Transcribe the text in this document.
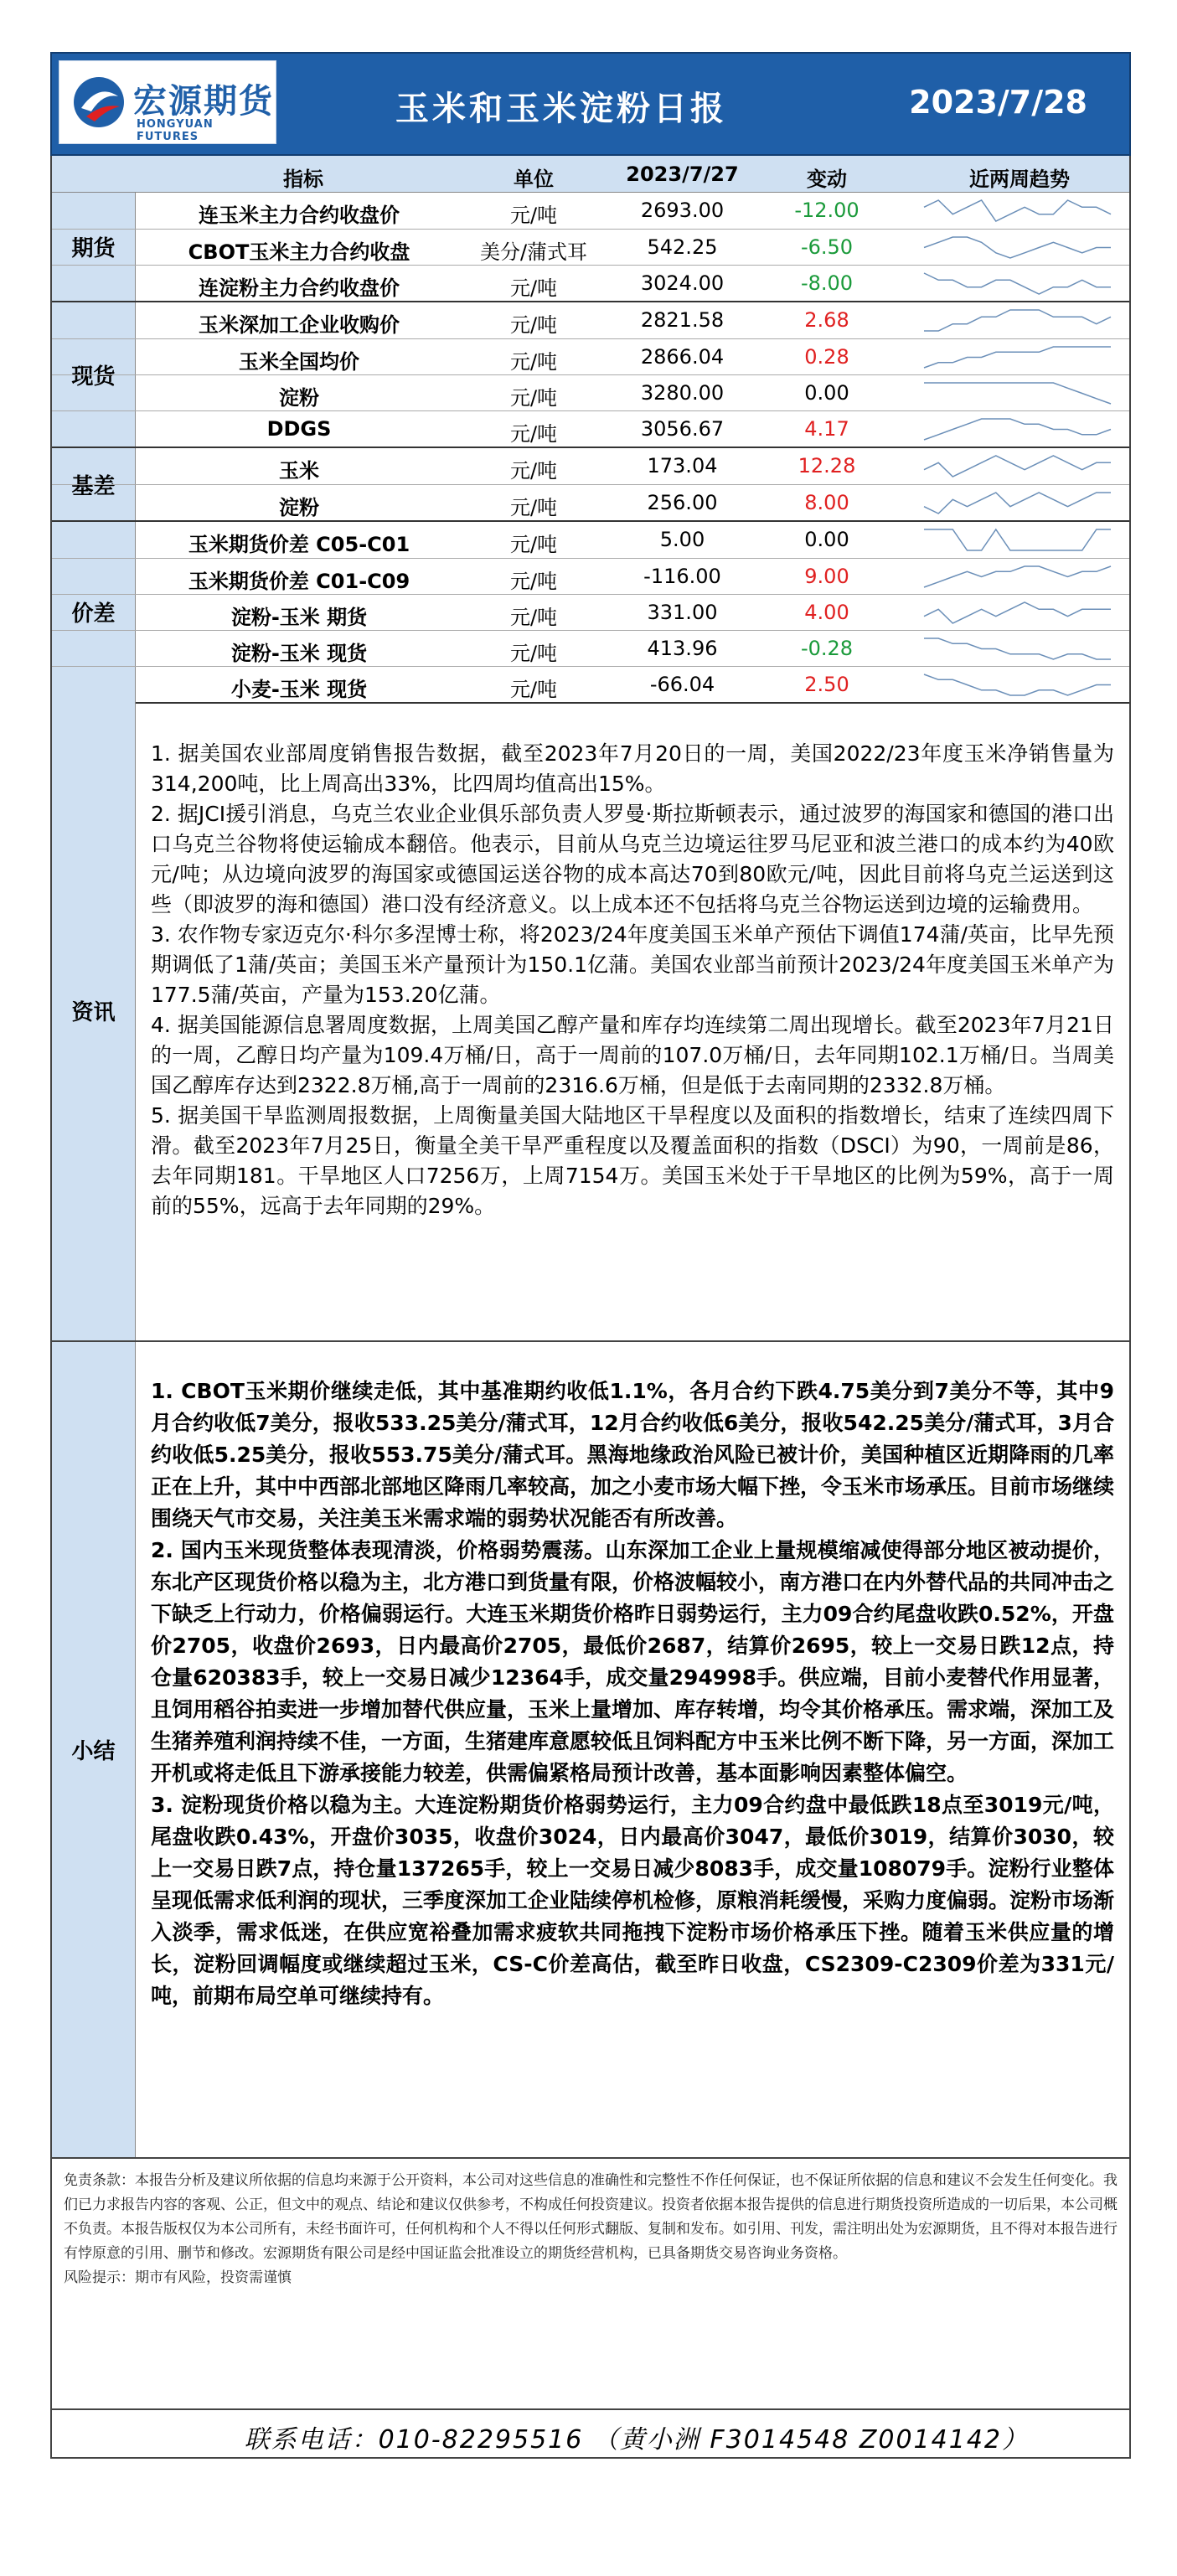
宏源期货
HONGYUAN FUTURES
玉米和玉米淀粉日报	2023/7/28
指标	单位	2023/7/27	变动	近两周趋势
期货
连玉米主力合约收盘价	元/吨	2693.00	-12.00
CBOT玉米主力合约收盘	美分/蒲式耳	542.25	-6.50
连淀粉主力合约收盘价	元/吨	3024.00	-8.00
现货
玉米深加工企业收购价	元/吨	2821.58	2.68
玉米全国均价	元/吨	2866.04	0.28
淀粉	元/吨	3280.00	0.00
DDGS	元/吨	3056.67	4.17
基差
玉米	元/吨	173.04	12.28
淀粉	元/吨	256.00	8.00
价差
玉米期货价差 C05-C01	元/吨	5.00	0.00
玉米期货价差 C01-C09	元/吨	-116.00	9.00
淀粉-玉米 期货	元/吨	331.00	4.00
淀粉-玉米 现货	元/吨	413.96	-0.28
小麦-玉米 现货	元/吨	-66.04	2.50
资讯

1. 据美国农业部周度销售报告数据，截至2023年7月20日的一周，美国2022/23年度玉米净销售量为314,200吨，比上周高出33%，比四周均值高出15%。

2. 据JCI援引消息，乌克兰农业企业俱乐部负责人罗曼·斯拉斯顿表示，通过波罗的海国家和德国的港口出口乌克兰谷物将使运输成本翻倍。他表示，目前从乌克兰边境运往罗马尼亚和波兰港口的成本约为40欧元/吨；从边境向波罗的海国家或德国运送谷物的成本高达70到80欧元/吨，因此目前将乌克兰运送到这些（即波罗的海和德国）港口没有经济意义。以上成本还不包括将乌克兰谷物运送到边境的运输费用。

3. 农作物专家迈克尔·科尔多涅博士称，将2023/24年度美国玉米单产预估下调值174蒲/英亩，比早先预期调低了1蒲/英亩；美国玉米产量预计为150.1亿蒲。美国农业部当前预计2023/24年度美国玉米单产为177.5蒲/英亩，产量为153.20亿蒲。

4. 据美国能源信息署周度数据，上周美国乙醇产量和库存均连续第二周出现增长。截至2023年7月21日的一周，乙醇日均产量为109.4万桶/日，高于一周前的107.0万桶/日，去年同期102.1万桶/日。当周美国乙醇库存达到2322.8万桶,高于一周前的2316.6万桶，但是低于去南同期的2332.8万桶。

5. 据美国干旱监测周报数据，上周衡量美国大陆地区干旱程度以及面积的指数增长，结束了连续四周下滑。截至2023年7月25日，衡量全美干旱严重程度以及覆盖面积的指数（DSCI）为90，一周前是86，去年同期181。干旱地区人口7256万，上周7154万。美国玉米处于干旱地区的比例为59%，高于一周前的55%，远高于去年同期的29%。

小结

1. CBOT玉米期价继续走低，其中基准期约收低1.1%，各月合约下跌4.75美分到7美分不等，其中9月合约收低7美分，报收533.25美分/蒲式耳，12月合约收低6美分，报收542.25美分/蒲式耳，3月合约收低5.25美分，报收553.75美分/蒲式耳。黑海地缘政治风险已被计价，美国种植区近期降雨的几率正在上升，其中中西部北部地区降雨几率较高，加之小麦市场大幅下挫，令玉米市场承压。目前市场继续围绕天气市交易，关注美玉米需求端的弱势状况能否有所改善。

2. 国内玉米现货整体表现清淡，价格弱势震荡。山东深加工企业上量规模缩减使得部分地区被动提价，东北产区现货价格以稳为主，北方港口到货量有限，价格波幅较小，南方港口在内外替代品的共同冲击之下缺乏上行动力，价格偏弱运行。大连玉米期货价格昨日弱势运行，主力09合约尾盘收跌0.52%，开盘价2705，收盘价2693，日内最高价2705，最低价2687，结算价2695，较上一交易日跌12点，持仓量620383手，较上一交易日减少12364手，成交量294998手。供应端，目前小麦替代作用显著，且饲用稻谷拍卖进一步增加替代供应量，玉米上量增加、库存转增，均令其价格承压。需求端，深加工及生猪养殖利润持续不佳，一方面，生猪建库意愿较低且饲料配方中玉米比例不断下降，另一方面，深加工开机或将走低且下游承接能力较差，供需偏紧格局预计改善，基本面影响因素整体偏空。

3. 淀粉现货价格以稳为主。大连淀粉期货价格弱势运行，主力09合约盘中最低跌18点至3019元/吨，尾盘收跌0.43%，开盘价3035，收盘价3024，日内最高价3047，最低价3019，结算价3030，较上一交易日跌7点，持仓量137265手，较上一交易日减少8083手，成交量108079手。淀粉行业整体呈现低需求低利润的现状，三季度深加工企业陆续停机检修，原粮消耗缓慢，采购力度偏弱。淀粉市场渐入淡季，需求低迷，在供应宽裕叠加需求疲软共同拖拽下淀粉市场价格承压下挫。随着玉米供应量的增长，淀粉回调幅度或继续超过玉米，CS-C价差高估，截至昨日收盘，CS2309-C2309价差为331元/吨，前期布局空单可继续持有。

免责条款：本报告分析及建议所依据的信息均来源于公开资料，本公司对这些信息的准确性和完整性不作任何保证，也不保证所依据的信息和建议不会发生任何变化。我们已力求报告内容的客观、公正，但文中的观点、结论和建议仅供参考，不构成任何投资建议。投资者依据本报告提供的信息进行期货投资所造成的一切后果，本公司概不负责。本报告版权仅为本公司所有，未经书面许可，任何机构和个人不得以任何形式翻版、复制和发布。如引用、刊发，需注明出处为宏源期货，且不得对本报告进行有悖原意的引用、删节和修改。宏源期货有限公司是经中国证监会批准设立的期货经营机构，已具备期货交易咨询业务资格。

风险提示：期市有风险，投资需谨慎

联系电话：010-82295516 （黄小洲 F3014548 Z0014142）
